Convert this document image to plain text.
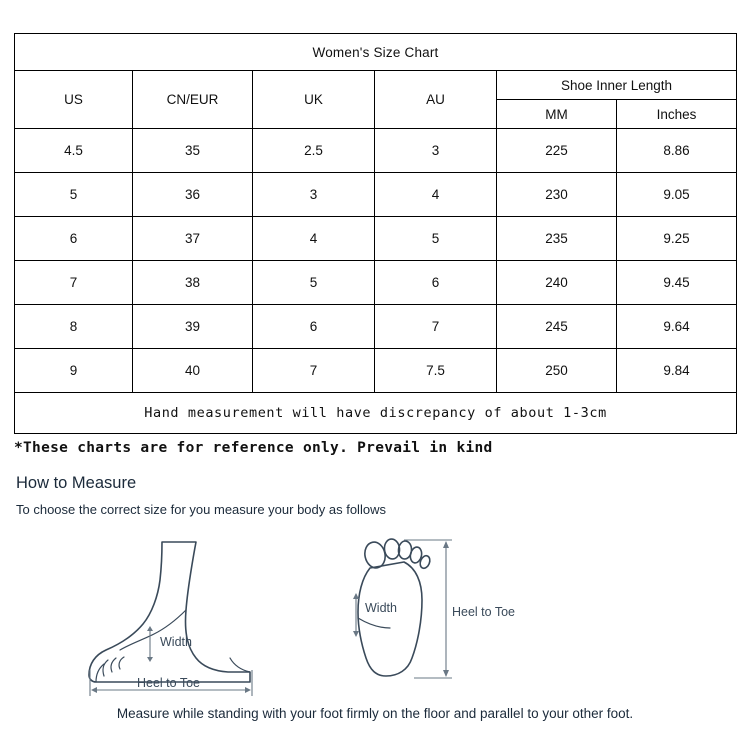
Women's Size Chart					
US	CN/EUR	UK	AU	Shoe Inner Length	
				MM	Inches
4.5	35	2.5	3	225	8.86
5	36	3	4	230	9.05
6	37	4	5	235	9.25
7	38	5	6	240	9.45
8	39	6	7	245	9.64
9	40	7	7.5	250	9.84
Hand measurement will have discrepancy of about 1-3cm					
*These charts are for reference only. Prevail in kind
How to Measure
To choose the correct size for you measure your body as follows
Width
Heel to Toe
Width	Heel to Toe
Measure while standing with your foot firmly on the floor and parallel to your other foot.
